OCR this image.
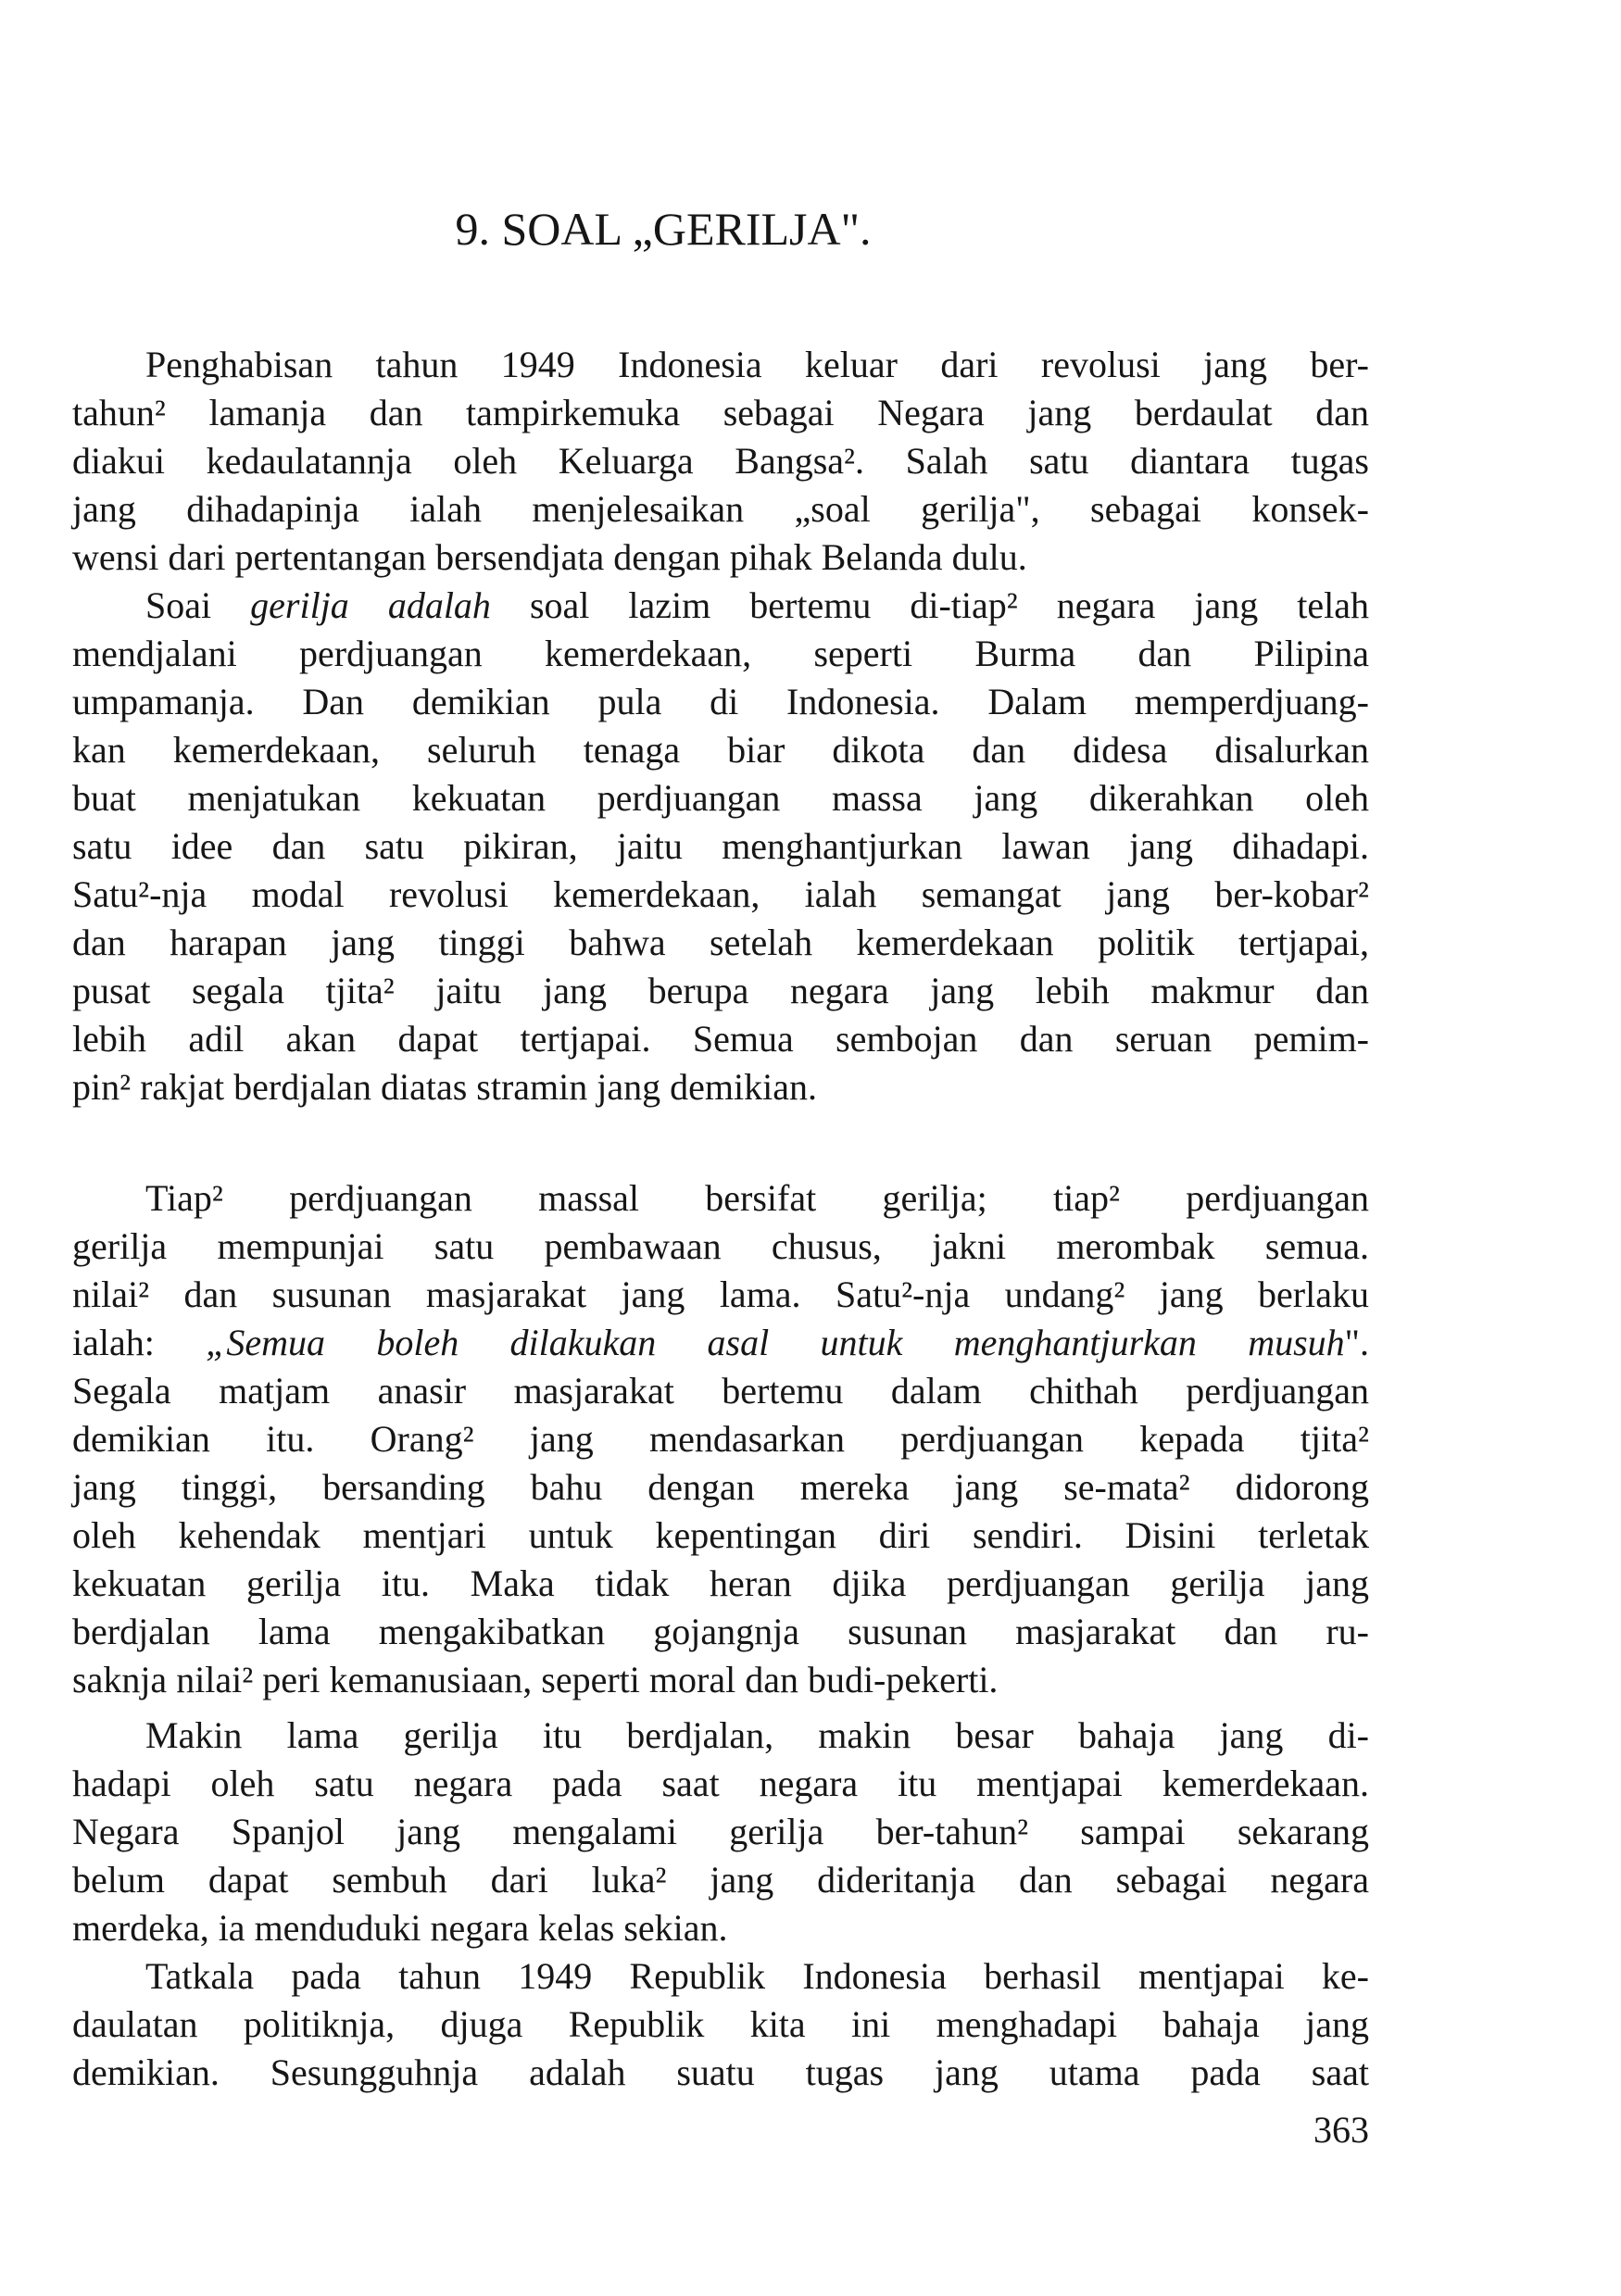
9. SOAL „GERILJA".
Penghabisan tahun 1949 Indonesia keluar dari revolusi jang ber-
tahun² lamanja dan tampirkemuka sebagai Negara jang berdaulat dan
diakui kedaulatannja oleh Keluarga Bangsa². Salah satu diantara tugas
jang dihadapinja ialah menjelesaikan „soal gerilja", sebagai konsek-
wensi dari pertentangan bersendjata dengan pihak Belanda dulu.
Soai gerilja adalah soal lazim bertemu di-tiap² negara jang telah
mendjalani perdjuangan kemerdekaan, seperti Burma dan Pilipina
umpamanja. Dan demikian pula di Indonesia. Dalam memperdjuang-
kan kemerdekaan, seluruh tenaga biar dikota dan didesa disalurkan
buat menjatukan kekuatan perdjuangan massa jang dikerahkan oleh
satu idee dan satu pikiran, jaitu menghantjurkan lawan jang dihadapi.
Satu²-nja modal revolusi kemerdekaan, ialah semangat jang ber-kobar²
dan harapan jang tinggi bahwa setelah kemerdekaan politik tertjapai,
pusat segala tjita² jaitu jang berupa negara jang lebih makmur dan
lebih adil akan dapat tertjapai. Semua sembojan dan seruan pemim-
pin² rakjat berdjalan diatas stramin jang demikian.
Tiap² perdjuangan massal bersifat gerilja; tiap² perdjuangan
gerilja mempunjai satu pembawaan chusus, jakni merombak semua.
nilai² dan susunan masjarakat jang lama. Satu²-nja undang² jang berlaku
ialah: „Semua boleh dilakukan asal untuk menghantjurkan musuh".
Segala matjam anasir masjarakat bertemu dalam chithah perdjuangan
demikian itu. Orang² jang mendasarkan perdjuangan kepada tjita²
jang tinggi, bersanding bahu dengan mereka jang se-mata² didorong
oleh kehendak mentjari untuk kepentingan diri sendiri. Disini terletak
kekuatan gerilja itu. Maka tidak heran djika perdjuangan gerilja jang
berdjalan lama mengakibatkan gojangnja susunan masjarakat dan ru-
saknja nilai² peri kemanusiaan, seperti moral dan budi-pekerti.
Makin lama gerilja itu berdjalan, makin besar bahaja jang di-
hadapi oleh satu negara pada saat negara itu mentjapai kemerdekaan.
Negara Spanjol jang mengalami gerilja ber-tahun² sampai sekarang
belum dapat sembuh dari luka² jang dideritanja dan sebagai negara
merdeka, ia menduduki negara kelas sekian.
Tatkala pada tahun 1949 Republik Indonesia berhasil mentjapai ke-
daulatan politiknja, djuga Republik kita ini menghadapi bahaja jang
demikian. Sesungguhnja adalah suatu tugas jang utama pada saat
363
